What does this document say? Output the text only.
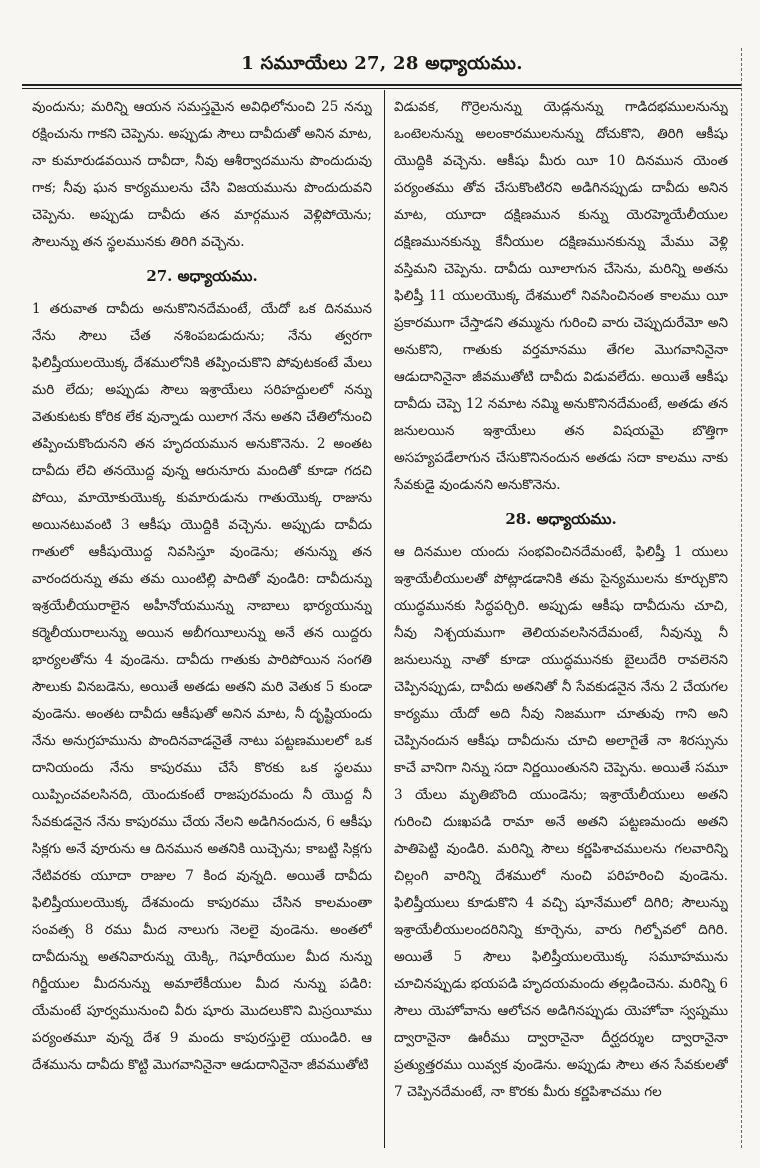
1 సమూయేలు 27, 28 అధ్యాయము.

వుందును; మరిన్ని ఆయన సమస్తమైన అవిధిలోనుంచి 25 నన్ను రక్షించును గాకని చెప్పెను. అప్పుడు సౌలు దావీదుతో అనిన మాట, నా కుమారుడవయిన దావీదా, నీవు ఆశీర్వాదమును పొందుదువు గాక; నీవు ఘన కార్యములను చేసి విజయమును పొందుదువని చెప్పెను. అప్పుడు దావీదు తన మార్గమున వెళ్లిపోయెను; సౌలున్ను తన స్థలమునకు తిరిగి వచ్చెను.

27. అధ్యాయము.

1 తరువాత దావీదు అనుకొనినదేమంటే, యేదో ఒక దినమున నేను సౌలు చేత నశింపబడుదును; నేను త్వరగా ఫిలిష్తీయులయొక్క దేశములోనికి తప్పించుకొని పోవుటకంటే మేలు మరి లేదు; అప్పుడు సౌలు ఇశ్రాయేలు సరిహద్దులలో నన్ను వెతుకుటకు కోరిక లేక వున్నాడు యిలాగ నేను అతని చేతిలోనుంచి తప్పించుకొందునని తన హృదయమున అనుకొనెను. 2 అంతట దావీదు లేచి తనయొద్ద వున్న ఆరునూరు మందితో కూడా గదచి పోయి, మాయోకుయొక్క కుమారుడును గాతుయొక్క రాజును అయినటువంటి 3 ఆకీషు యొద్దికి వచ్చెను. అప్పుడు దావీదు గాతులో ఆకీషుయొద్ద నివసిస్తూ వుండెను; తనున్ను తన వారందరున్ను తమ తమ యింటిల్లి పాదితో వుండిరి: దావీదున్ను ఇశ్రయేలీయురాలైన అహీనోయమున్ను నాబాలు భార్యయున్ను కర్మెలీయురాలున్ను అయిన అబీగయీలున్ను అనే తన యిద్దరు భార్యలతోను 4 వుండెను. దావీదు గాతుకు పారిపోయిన సంగతి సౌలుకు వినబడెను, అయితే అతడు అతని మరి వెతుక 5 కుండా వుండెను. అంతట దావీదు ఆకీషుతో అనిన మాట, నీ దృష్టియందు నేను అనుగ్రహమును పొందినవాడనైతే నాటు పట్టణములలో ఒక దానియందు నేను కాపురము చేసే కొరకు ఒక స్థలము యిప్పించవలసినది, యెందుకంటే రాజపురమందు నీ యొద్ద నీ సేవకుడనైన నేను కాపురము చేయ నేలని అడిగినందున, 6 ఆకీషు సిక్లగు అనే వూరును ఆ దినమున అతనికి యిచ్చెను; కాబట్టి సిక్లగు నేటివరకు యూదా రాజుల 7 కింద వున్నది. అయితే దావీదు ఫిలిష్తీయులయొక్క దేశమందు కాపురము చేసిన కాలమంతా సంవత్స 8 రము మీద నాలుగు నెలలై వుండెను. అంతలో దావీదున్ను అతనివారున్ను యెక్కి, గెషూరీయుల మీద నున్ను గిర్జీయుల మీదనున్ను అమాలేకీయుల మీద నున్ను పడిరి: యేమంటే పూర్వమునుంచి వీరు షూరు మొదలుకొని మిస్రయీము పర్యంతమూ వున్న దేశ 9 మందు కాపురస్తులై యుండిరి. ఆ దేశమును దావీదు కొట్టి మొగవానినైనా ఆడుదానినైనా జీవముతోటి

విడువక, గొర్రెలనున్ను యెడ్లనున్ను గాడిదభములనున్ను ఒంటెలనున్ను అలంకారములనున్ను దోచుకొని, తిరిగి ఆకీషు యొద్దికి వచ్చెను. ఆకీషు మీరు యీ 10 దినమున యెంత పర్యంతము తోవ చేసుకొంటిరని అడిగినప్పుడు దావీదు అనిన మాట, యూదా దక్షిణమున కున్ను యెరహ్మెయేలీయుల దక్షిణమునకున్ను కేనీయుల దక్షిణమునకున్ను మేము వెళ్లి వస్తిమని చెప్పెను. దావీదు యీలాగున చేసెను, మరిన్ని అతను ఫిలిష్తీ 11 యులయొక్క దేశములో నివసించినంత కాలము యీ ప్రకారముగా చేస్తాడని తమ్మును గురించి వారు చెప్పుదురేమో అని అనుకొని, గాతుకు వర్తమానము తేగల మొగవానినైనా ఆడుదానినైనా జీవముతోటి దావీదు విడువలేదు. అయితే ఆకీషు దావీదు చెప్పె 12 నమాట నమ్మి అనుకొనినదేమంటే, అతడు తన జనులయిన ఇశ్రాయేలు తన విషయమై బొత్తిగా అసహ్యపడేలాగున చేసుకొనినందున అతడు సదా కాలము నాకు సేవకుడై వుండునని అనుకొనెను.

28. అధ్యాయము.

ఆ దినముల యందు సంభవించినదేమంటే, ఫిలిష్తీ 1 యులు ఇశ్రాయేలీయులతో పోట్లాడడానికి తమ సైన్యములను కూర్చుకొని యుద్ధమునకు సిద్ధపర్చిరి. అప్పుడు ఆకీషు దావీదును చూచి, నీవు నిశ్చయముగా తెలియవలసినదేమంటే, నీవున్ను నీ జనులున్ను నాతో కూడా యుద్ధమునకు బైలుదేరి రావలెనని చెప్పినప్పుడు, దావీదు అతనితో నీ సేవకుడనైన నేను 2 చేయగల కార్యము యేదో అది నీవు నిజముగా చూతువు గాని అని చెప్పినందున ఆకీషు దావీదును చూచి అలాగైతే నా శిరస్సును కాచే వానిగా నిన్ను సదా నిర్ణయింతునని చెప్పెను. అయితే సమూ 3 యేలు మృతిబొంది యుండెను; ఇశ్రాయేలీయులు అతని గురించి దుఃఖపడి రామా అనే అతని పట్టణమందు అతని పాతిపెట్టి వుండిరి. మరిన్ని సౌలు కర్ణపిశాచములను గలవారిన్ని చిల్లంగి వారిన్ని దేశములో నుంచి పరిహరించి వుండెను. ఫిలిష్తీయులు కూడుకొని 4 వచ్చి షూనేములో దిగిరి; సౌలున్ను ఇశ్రాయేలీయులందరినిన్ని కూర్చెను, వారు గిల్బోవలో దిగిరి. అయితే 5 సౌలు ఫిలిష్తీయులయొక్క సమూహమును చూచినప్పుడు భయపడి హృదయమందు తల్లడించెను. మరిన్ని 6 సౌలు యెహోవాను ఆలోచన అడిగినప్పుడు యెహోవా స్వప్నము ద్వారానైనా ఊరీము ద్వారానైనా దీర్ఘదర్శుల ద్వారానైనా ప్రత్యుత్తరము యివ్వక వుండెను. అప్పుడు సౌలు తన సేవకులతో 7 చెప్పినదేమంటే, నా కొరకు మీరు కర్ణపిశాచము గల
